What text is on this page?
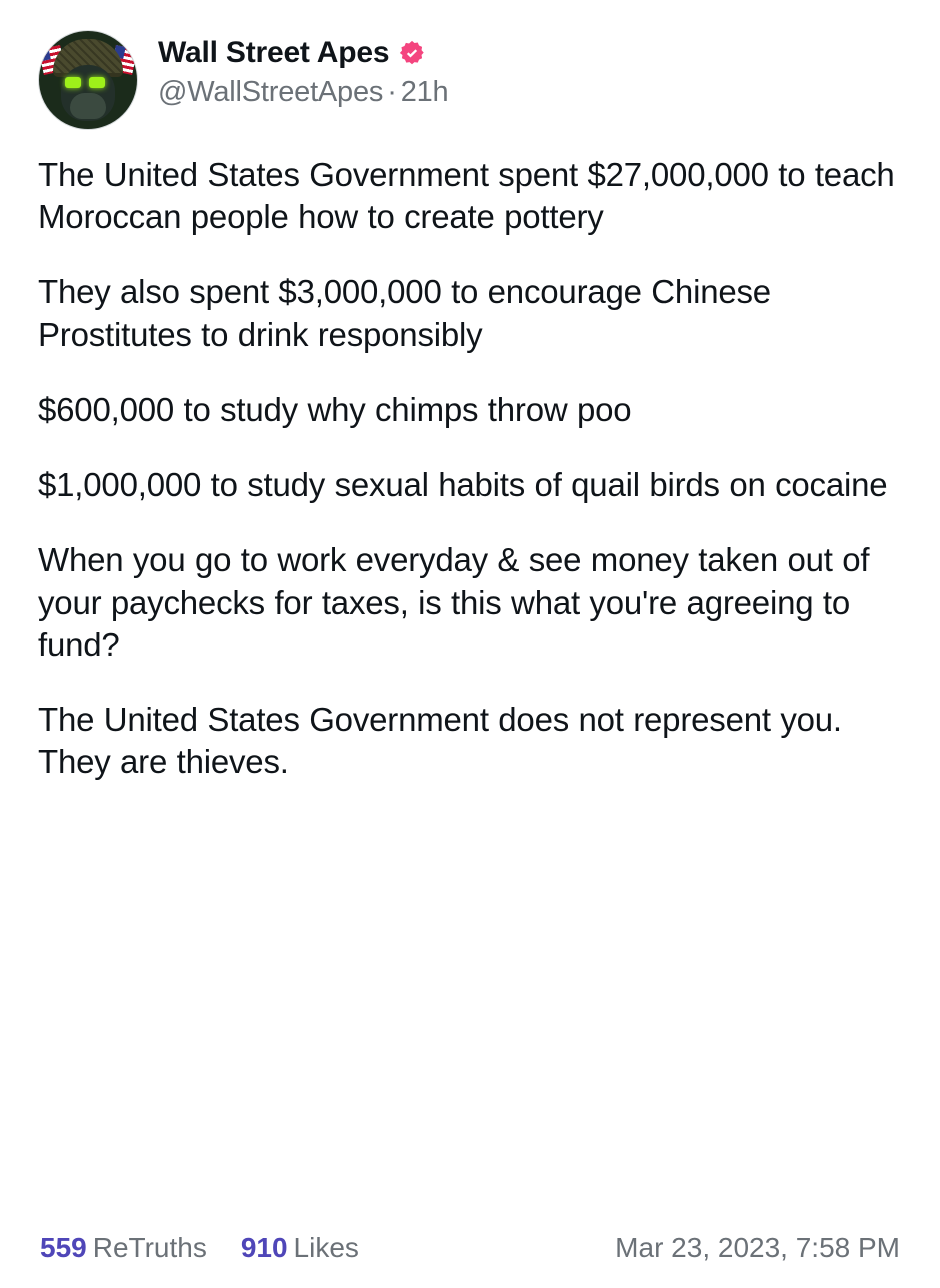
Wall Street Apes
@WallStreetApes · 21h

The United States Government spent $27,000,000 to teach Moroccan people how to create pottery

They also spent $3,000,000 to encourage Chinese Prostitutes to drink responsibly

$600,000 to study why chimps throw poo

$1,000,000 to study sexual habits of quail birds on cocaine

When you go to work everyday & see money taken out of your paychecks for taxes, is this what you're agreeing to fund?

The United States Government does not represent you. They are thieves.

559 ReTruths 910 Likes	Mar 23, 2023, 7:58 PM
